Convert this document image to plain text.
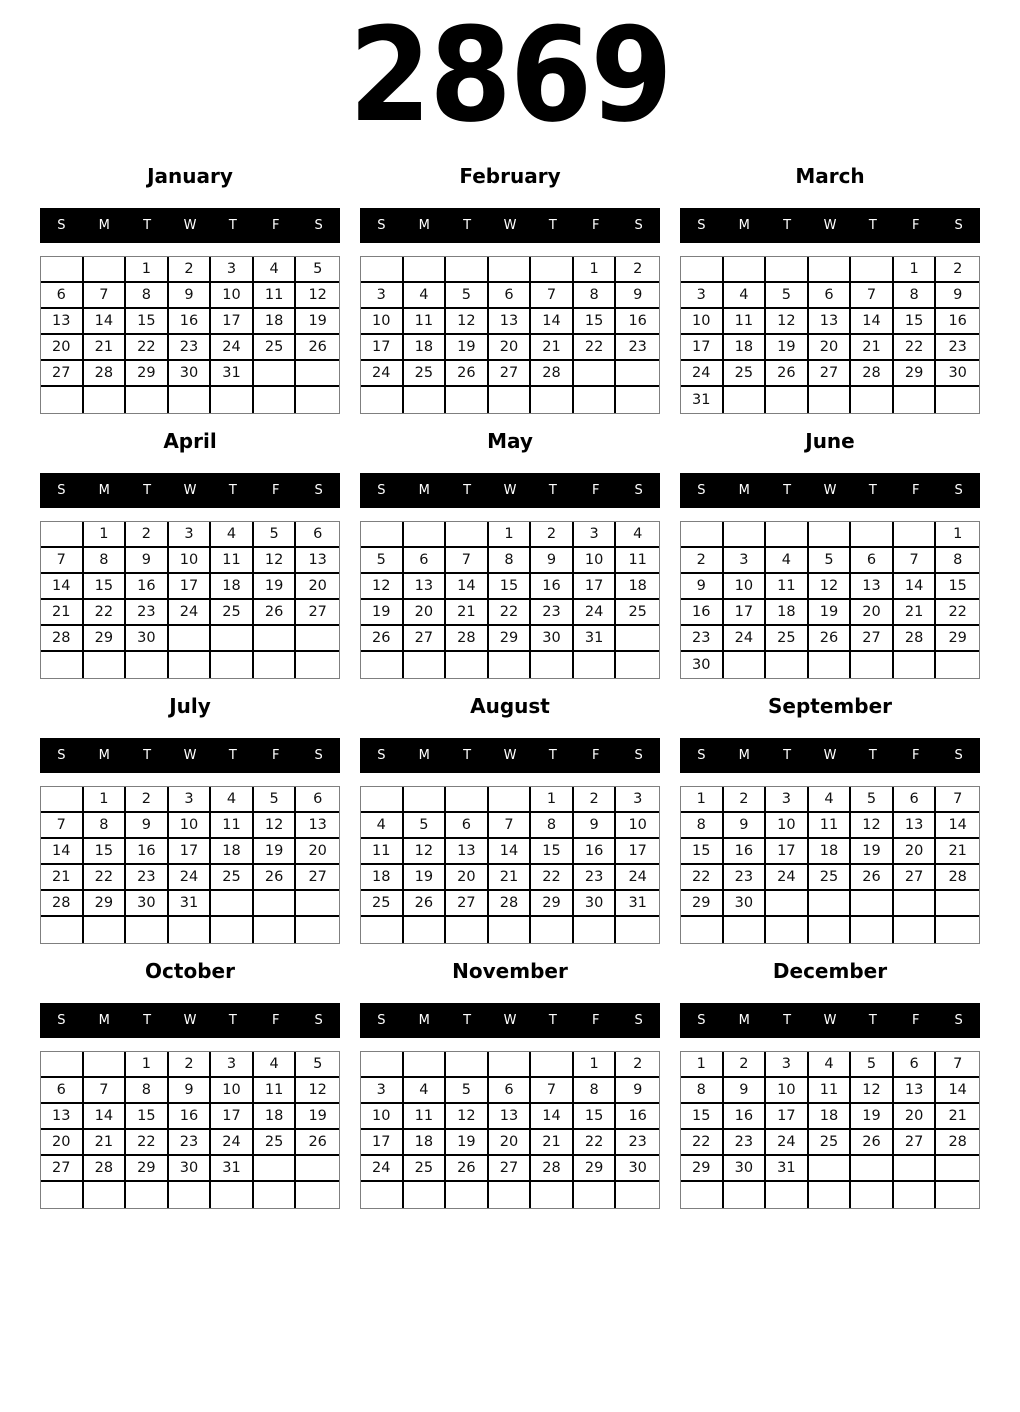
2869
January
S	M	T	W	T	F	S
		1	2	3	4	5
6	7	8	9	10	11	12
13	14	15	16	17	18	19
20	21	22	23	24	25	26
27	28	29	30	31		

February
S	M	T	W	T	F	S
					1	2
3	4	5	6	7	8	9
10	11	12	13	14	15	16
17	18	19	20	21	22	23
24	25	26	27	28		

March
S	M	T	W	T	F	S
					1	2
3	4	5	6	7	8	9
10	11	12	13	14	15	16
17	18	19	20	21	22	23
24	25	26	27	28	29	30
31						
April
S	M	T	W	T	F	S
	1	2	3	4	5	6
7	8	9	10	11	12	13
14	15	16	17	18	19	20
21	22	23	24	25	26	27
28	29	30				

May
S	M	T	W	T	F	S
			1	2	3	4
5	6	7	8	9	10	11
12	13	14	15	16	17	18
19	20	21	22	23	24	25
26	27	28	29	30	31	

June
S	M	T	W	T	F	S
						1
2	3	4	5	6	7	8
9	10	11	12	13	14	15
16	17	18	19	20	21	22
23	24	25	26	27	28	29
30						
July
S	M	T	W	T	F	S
	1	2	3	4	5	6
7	8	9	10	11	12	13
14	15	16	17	18	19	20
21	22	23	24	25	26	27
28	29	30	31			

August
S	M	T	W	T	F	S
				1	2	3
4	5	6	7	8	9	10
11	12	13	14	15	16	17
18	19	20	21	22	23	24
25	26	27	28	29	30	31

September
S	M	T	W	T	F	S
1	2	3	4	5	6	7
8	9	10	11	12	13	14
15	16	17	18	19	20	21
22	23	24	25	26	27	28
29	30					

October
S	M	T	W	T	F	S
		1	2	3	4	5
6	7	8	9	10	11	12
13	14	15	16	17	18	19
20	21	22	23	24	25	26
27	28	29	30	31		

November
S	M	T	W	T	F	S
					1	2
3	4	5	6	7	8	9
10	11	12	13	14	15	16
17	18	19	20	21	22	23
24	25	26	27	28	29	30

December
S	M	T	W	T	F	S
1	2	3	4	5	6	7
8	9	10	11	12	13	14
15	16	17	18	19	20	21
22	23	24	25	26	27	28
29	30	31				
